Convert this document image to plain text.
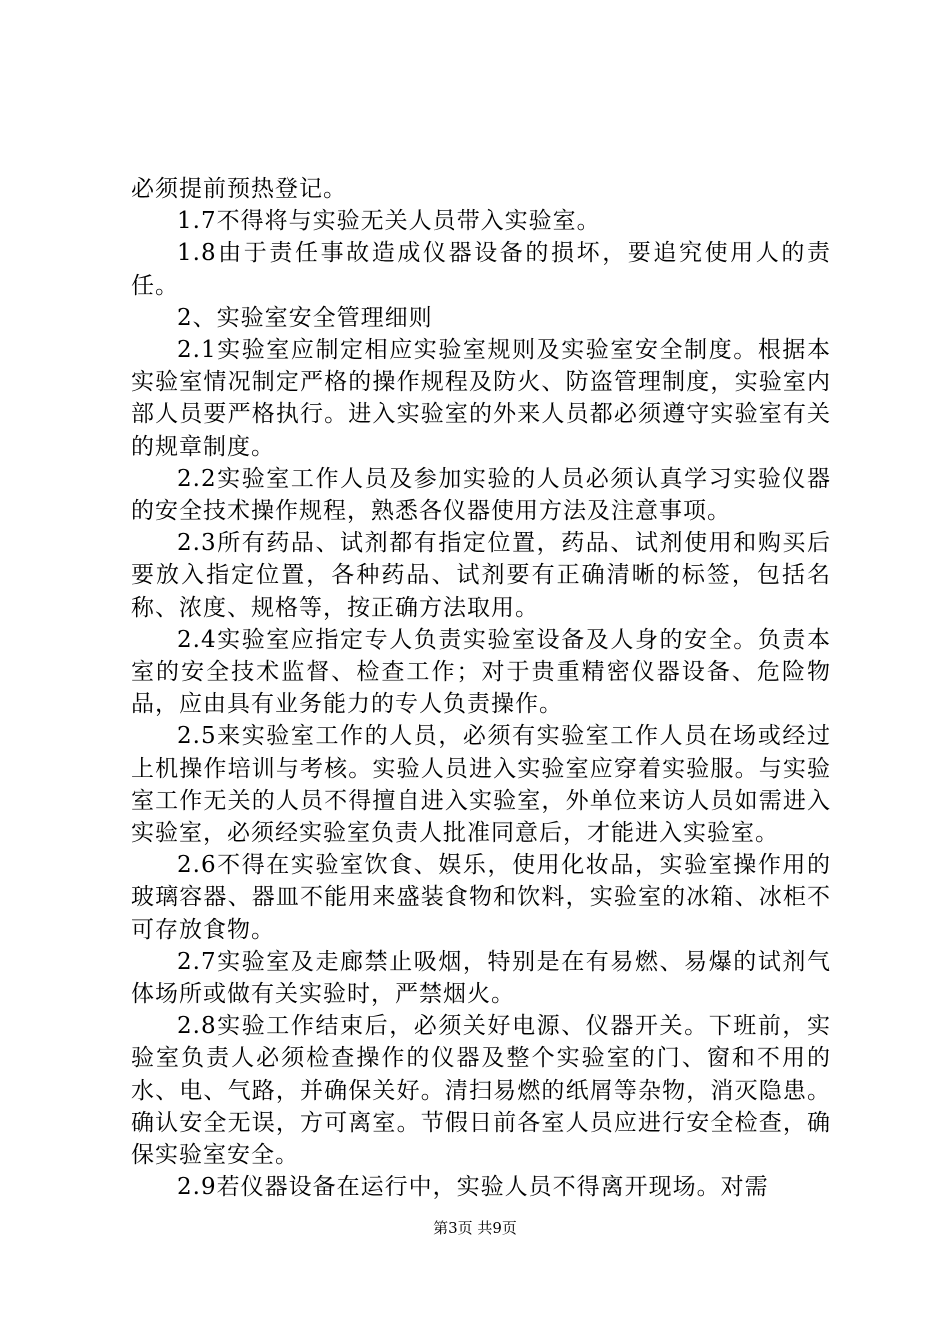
必须提前预热登记。

1.7不得将与实验无关人员带入实验室。

1.8由于责任事故造成仪器设备的损坏，要追究使用人的责任。

2、实验室安全管理细则

2.1实验室应制定相应实验室规则及实验室安全制度。根据本实验室情况制定严格的操作规程及防火、防盗管理制度，实验室内部人员要严格执行。进入实验室的外来人员都必须遵守实验室有关的规章制度。

2.2实验室工作人员及参加实验的人员必须认真学习实验仪器的安全技术操作规程，熟悉各仪器使用方法及注意事项。

2.3所有药品、试剂都有指定位置，药品、试剂使用和购买后要放入指定位置，各种药品、试剂要有正确清晰的标签，包括名称、浓度、规格等，按正确方法取用。

2.4实验室应指定专人负责实验室设备及人身的安全。负责本室的安全技术监督、检查工作；对于贵重精密仪器设备、危险物品，应由具有业务能力的专人负责操作。

2.5来实验室工作的人员，必须有实验室工作人员在场或经过上机操作培训与考核。实验人员进入实验室应穿着实验服。与实验室工作无关的人员不得擅自进入实验室，外单位来访人员如需进入实验室，必须经实验室负责人批准同意后，才能进入实验室。

2.6不得在实验室饮食、娱乐，使用化妆品，实验室操作用的玻璃容器、器皿不能用来盛装食物和饮料，实验室的冰箱、冰柜不可存放食物。

2.7实验室及走廊禁止吸烟，特别是在有易燃、易爆的试剂气体场所或做有关实验时，严禁烟火。

2.8实验工作结束后，必须关好电源、仪器开关。下班前，实验室负责人必须检查操作的仪器及整个实验室的门、窗和不用的水、电、气路，并确保关好。清扫易燃的纸屑等杂物，消灭隐患。确认安全无误，方可离室。节假日前各室人员应进行安全检查，确保实验室安全。

2.9若仪器设备在运行中，实验人员不得离开现场。对需

第3页 共9页
